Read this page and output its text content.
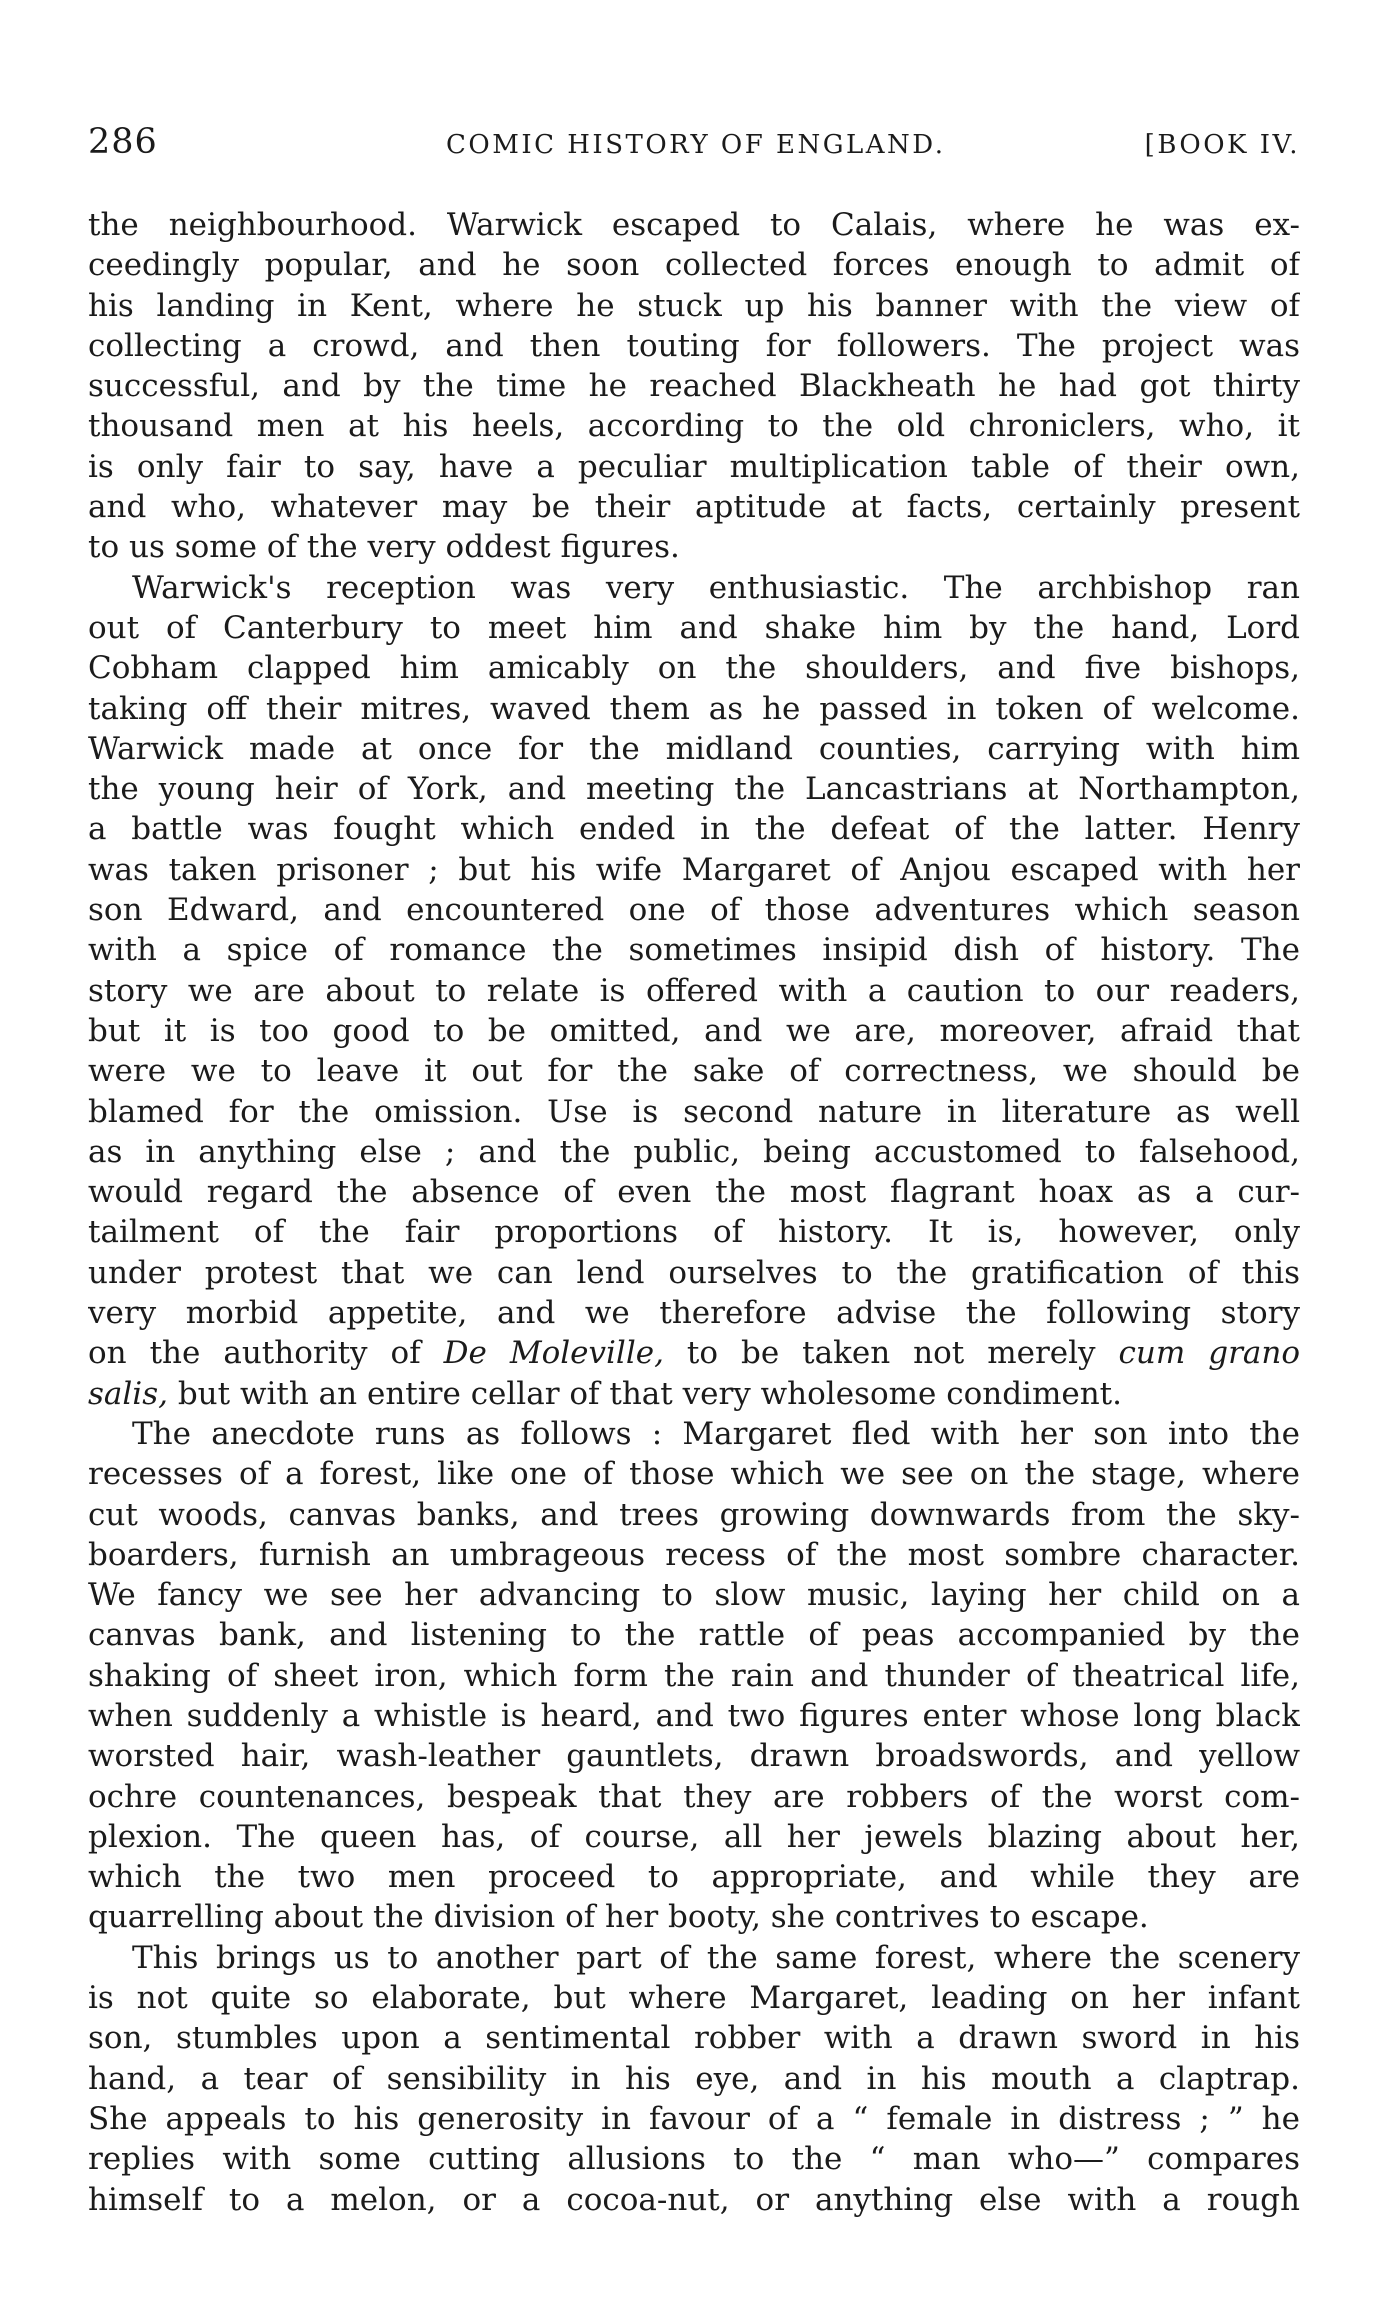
286	COMIC HISTORY OF ENGLAND.	[BOOK IV.
the neighbourhood. Warwick escaped to Calais, where he was ex-
ceedingly popular, and he soon collected forces enough to admit of
his landing in Kent, where he stuck up his banner with the view of
collecting a crowd, and then touting for followers. The project was
successful, and by the time he reached Blackheath he had got thirty
thousand men at his heels, according to the old chroniclers, who, it
is only fair to say, have a peculiar multiplication table of their own,
and who, whatever may be their aptitude at facts, certainly present
to us some of the very oddest figures.
Warwick's reception was very enthusiastic. The archbishop ran
out of Canterbury to meet him and shake him by the hand, Lord
Cobham clapped him amicably on the shoulders, and five bishops,
taking off their mitres, waved them as he passed in token of welcome.
Warwick made at once for the midland counties, carrying with him
the young heir of York, and meeting the Lancastrians at Northampton,
a battle was fought which ended in the defeat of the latter. Henry
was taken prisoner ; but his wife Margaret of Anjou escaped with her
son Edward, and encountered one of those adventures which season
with a spice of romance the sometimes insipid dish of history. The
story we are about to relate is offered with a caution to our readers,
but it is too good to be omitted, and we are, moreover, afraid that
were we to leave it out for the sake of correctness, we should be
blamed for the omission. Use is second nature in literature as well
as in anything else ; and the public, being accustomed to falsehood,
would regard the absence of even the most flagrant hoax as a cur-
tailment of the fair proportions of history. It is, however, only
under protest that we can lend ourselves to the gratification of this
very morbid appetite, and we therefore advise the following story
on the authority of De Moleville, to be taken not merely cum grano
salis, but with an entire cellar of that very wholesome condiment.
The anecdote runs as follows : Margaret fled with her son into the
recesses of a forest, like one of those which we see on the stage, where
cut woods, canvas banks, and trees growing downwards from the sky-
boarders, furnish an umbrageous recess of the most sombre character.
We fancy we see her advancing to slow music, laying her child on a
canvas bank, and listening to the rattle of peas accompanied by the
shaking of sheet iron, which form the rain and thunder of theatrical life,
when suddenly a whistle is heard, and two figures enter whose long black
worsted hair, wash-leather gauntlets, drawn broadswords, and yellow
ochre countenances, bespeak that they are robbers of the worst com-
plexion. The queen has, of course, all her jewels blazing about her,
which the two men proceed to appropriate, and while they are
quarrelling about the division of her booty, she contrives to escape.
This brings us to another part of the same forest, where the scenery
is not quite so elaborate, but where Margaret, leading on her infant
son, stumbles upon a sentimental robber with a drawn sword in his
hand, a tear of sensibility in his eye, and in his mouth a claptrap.
She appeals to his generosity in favour of a “ female in distress ; ” he
replies with some cutting allusions to the “ man who—” compares
himself to a melon, or a cocoa-nut, or anything else with a rough
